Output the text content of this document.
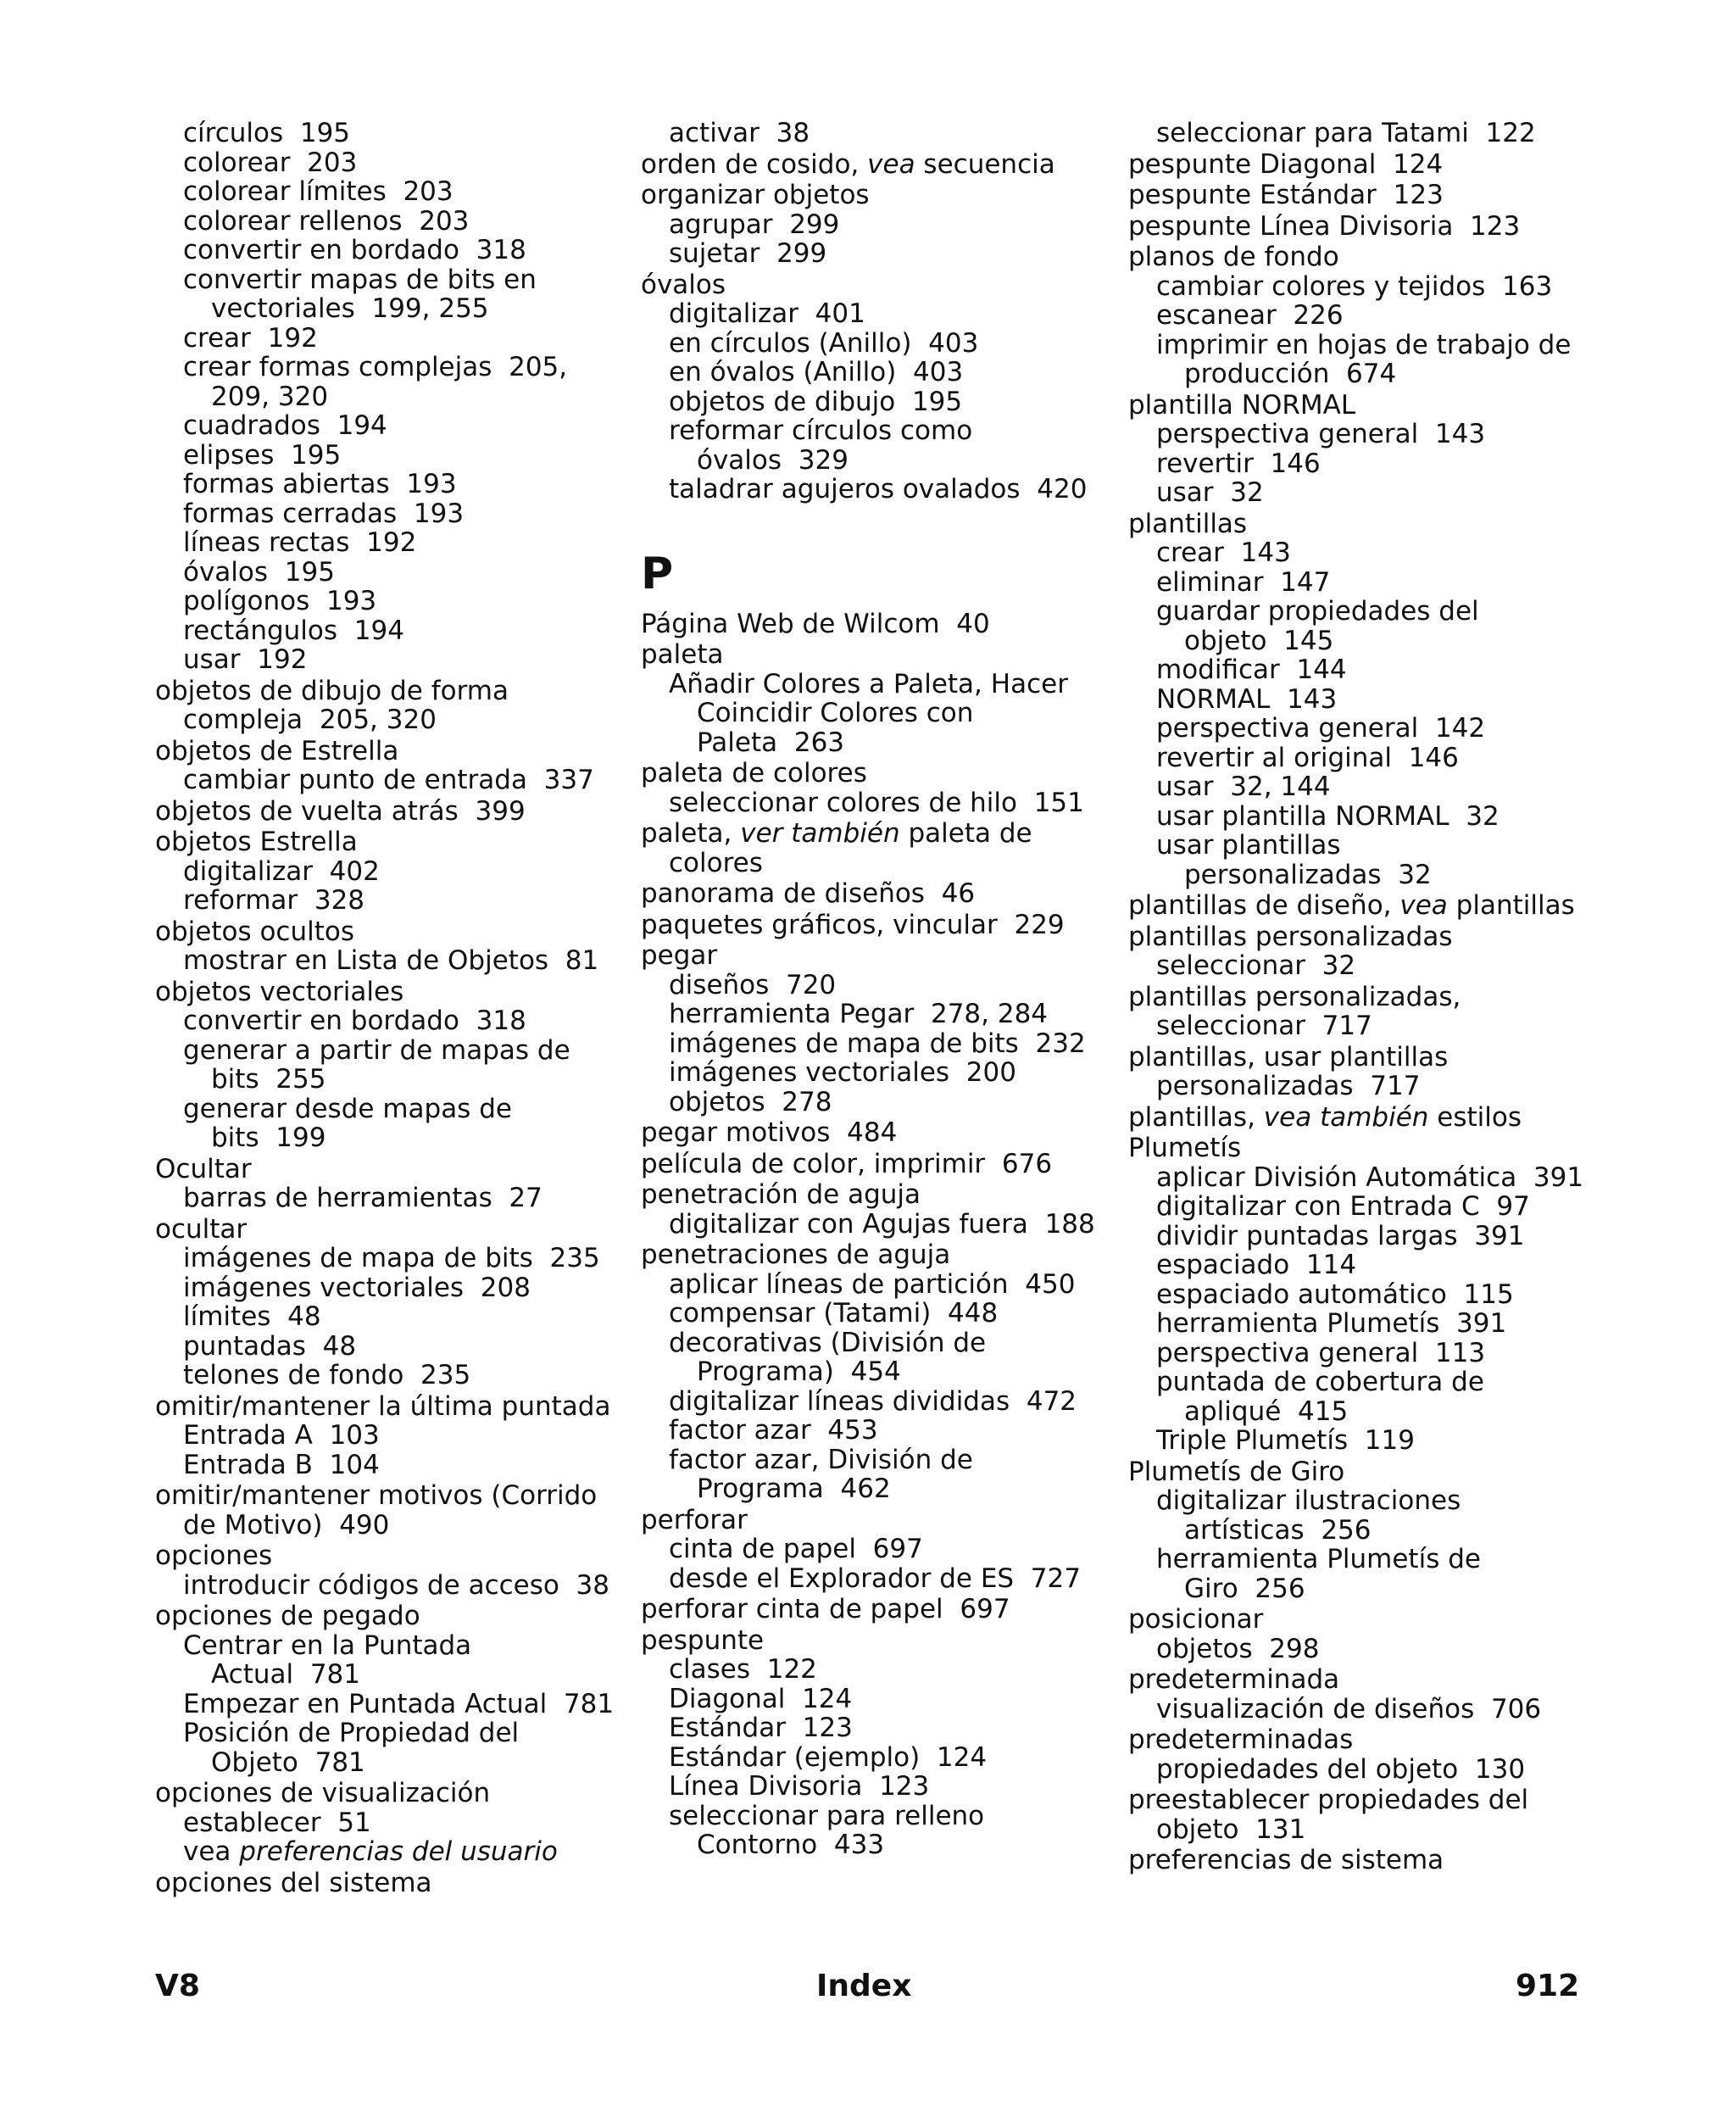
círculos  195
colorear  203
colorear límites  203
colorear rellenos  203
convertir en bordado  318
convertir mapas de bits en
vectoriales  199, 255
crear  192
crear formas complejas  205,
209, 320
cuadrados  194
elipses  195
formas abiertas  193
formas cerradas  193
líneas rectas  192
óvalos  195
polígonos  193
rectángulos  194
usar  192
objetos de dibujo de forma
compleja  205, 320
objetos de Estrella
cambiar punto de entrada  337
objetos de vuelta atrás  399
objetos Estrella
digitalizar  402
reformar  328
objetos ocultos
mostrar en Lista de Objetos  81
objetos vectoriales
convertir en bordado  318
generar a partir de mapas de
bits  255
generar desde mapas de
bits  199
Ocultar
barras de herramientas  27
ocultar
imágenes de mapa de bits  235
imágenes vectoriales  208
límites  48
puntadas  48
telones de fondo  235
omitir/mantener la última puntada
Entrada A  103
Entrada B  104
omitir/mantener motivos (Corrido
de Motivo)  490
opciones
introducir códigos de acceso  38
opciones de pegado
Centrar en la Puntada
Actual  781
Empezar en Puntada Actual  781
Posición de Propiedad del
Objeto  781
opciones de visualización
establecer  51
vea preferencias del usuario
opciones del sistema
activar  38
orden de cosido, vea secuencia
organizar objetos
agrupar  299
sujetar  299
óvalos
digitalizar  401
en círculos (Anillo)  403
en óvalos (Anillo)  403
objetos de dibujo  195
reformar círculos como
óvalos  329
taladrar agujeros ovalados  420
P
Página Web de Wilcom  40
paleta
Añadir Colores a Paleta, Hacer
Coincidir Colores con
Paleta  263
paleta de colores
seleccionar colores de hilo  151
paleta, ver también paleta de
colores
panorama de diseños  46
paquetes gráficos, vincular  229
pegar
diseños  720
herramienta Pegar  278, 284
imágenes de mapa de bits  232
imágenes vectoriales  200
objetos  278
pegar motivos  484
película de color, imprimir  676
penetración de aguja
digitalizar con Agujas fuera  188
penetraciones de aguja
aplicar líneas de partición  450
compensar (Tatami)  448
decorativas (División de
Programa)  454
digitalizar líneas divididas  472
factor azar  453
factor azar, División de
Programa  462
perforar
cinta de papel  697
desde el Explorador de ES  727
perforar cinta de papel  697
pespunte
clases  122
Diagonal  124
Estándar  123
Estándar (ejemplo)  124
Línea Divisoria  123
seleccionar para relleno
Contorno  433
seleccionar para Tatami  122
pespunte Diagonal  124
pespunte Estándar  123
pespunte Línea Divisoria  123
planos de fondo
cambiar colores y tejidos  163
escanear  226
imprimir en hojas de trabajo de
producción  674
plantilla NORMAL
perspectiva general  143
revertir  146
usar  32
plantillas
crear  143
eliminar  147
guardar propiedades del
objeto  145
modificar  144
NORMAL  143
perspectiva general  142
revertir al original  146
usar  32, 144
usar plantilla NORMAL  32
usar plantillas
personalizadas  32
plantillas de diseño, vea plantillas
plantillas personalizadas
seleccionar  32
plantillas personalizadas,
seleccionar  717
plantillas, usar plantillas
personalizadas  717
plantillas, vea también estilos
Plumetís
aplicar División Automática  391
digitalizar con Entrada C  97
dividir puntadas largas  391
espaciado  114
espaciado automático  115
herramienta Plumetís  391
perspectiva general  113
puntada de cobertura de
apliqué  415
Triple Plumetís  119
Plumetís de Giro
digitalizar ilustraciones
artísticas  256
herramienta Plumetís de
Giro  256
posicionar
objetos  298
predeterminada
visualización de diseños  706
predeterminadas
propiedades del objeto  130
preestablecer propiedades del
objeto  131
preferencias de sistema
V8	Index	912
